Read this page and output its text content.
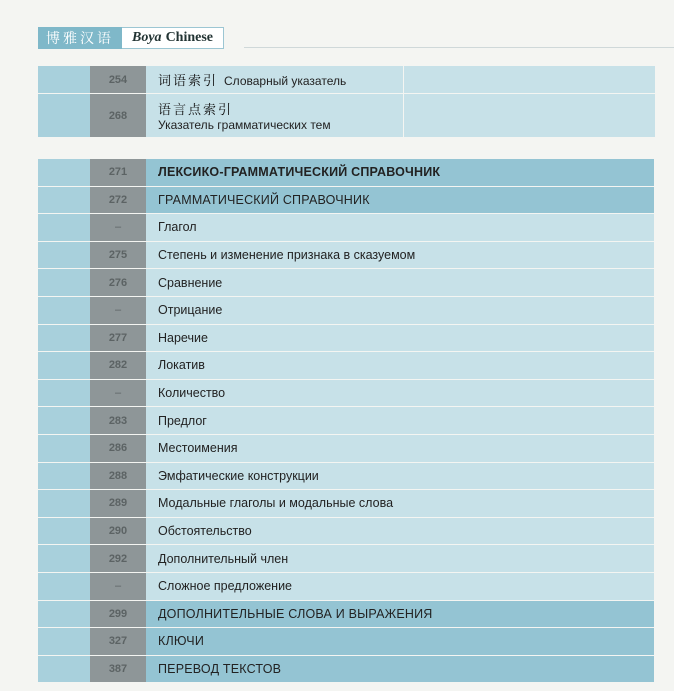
博雅汉语	Boya Chinese
254	词语索引 Словарный указатель
268	语言点索引
Указатель грамматических тем
271	ЛЕКСИКО-ГРАММАТИЧЕСКИЙ СПРАВОЧНИК
272	ГРАММАТИЧЕСКИЙ СПРАВОЧНИК
–	Глагол
275	Степень и изменение признака в сказуемом
276	Сравнение
–	Отрицание
277	Наречие
282	Локатив
–	Количество
283	Предлог
286	Местоимения
288	Эмфатические конструкции
289	Модальные глаголы и модальные слова
290	Обстоятельство
292	Дополнительный член
–	Сложное предложение
299	ДОПОЛНИТЕЛЬНЫЕ СЛОВА И ВЫРАЖЕНИЯ
327	КЛЮЧИ
387	ПЕРЕВОД ТЕКСТОВ
